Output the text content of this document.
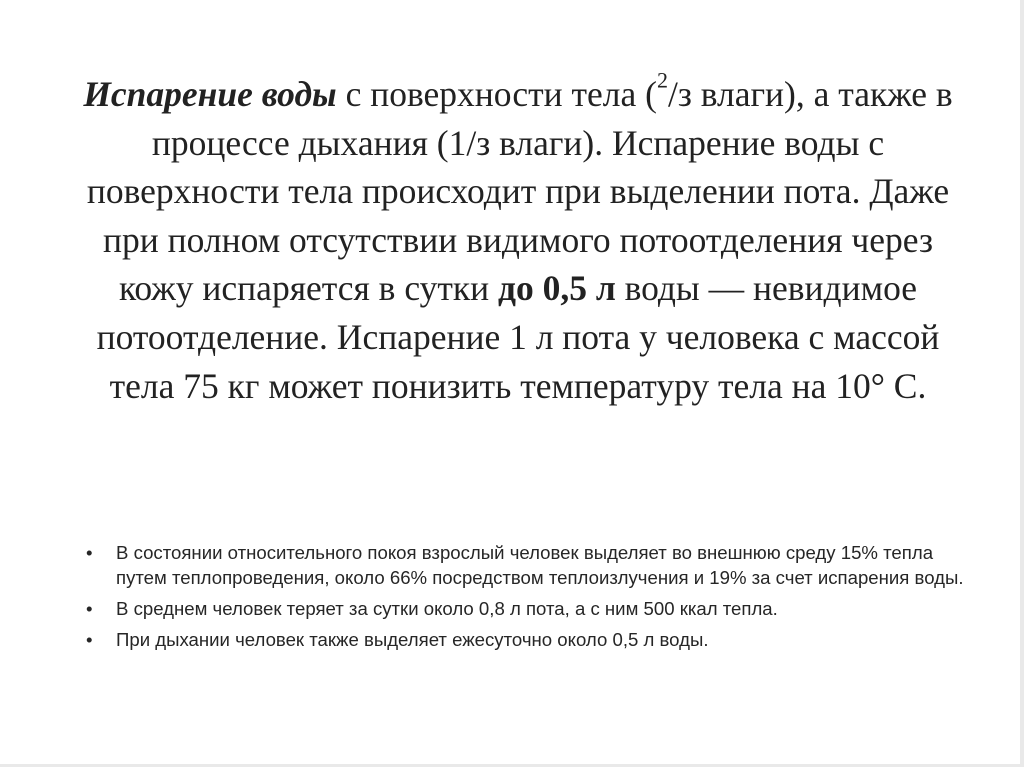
Испарение воды с поверхности тела ($^2$/з влаги), а также в процессе дыхания (1/з влаги). Испарение воды с поверхности тела происходит при выделении пота. Даже при полном отсутствии видимого потоотделения через кожу испаряется в сутки до 0,5 л воды — невидимое потоотделение. Испарение 1 л пота у человека с массой тела 75 кг может понизить температуру тела на 10° С.

• В состоянии относительного покоя взрослый человек выделяет во внешнюю среду 15% тепла путем теплопроведения, около 66% посредством теплоизлучения и 19% за счет испарения воды.
• В среднем человек теряет за сутки около 0,8 л пота, а с ним 500 ккал тепла.
• При дыхании человек также выделяет ежесуточно около 0,5 л воды.
